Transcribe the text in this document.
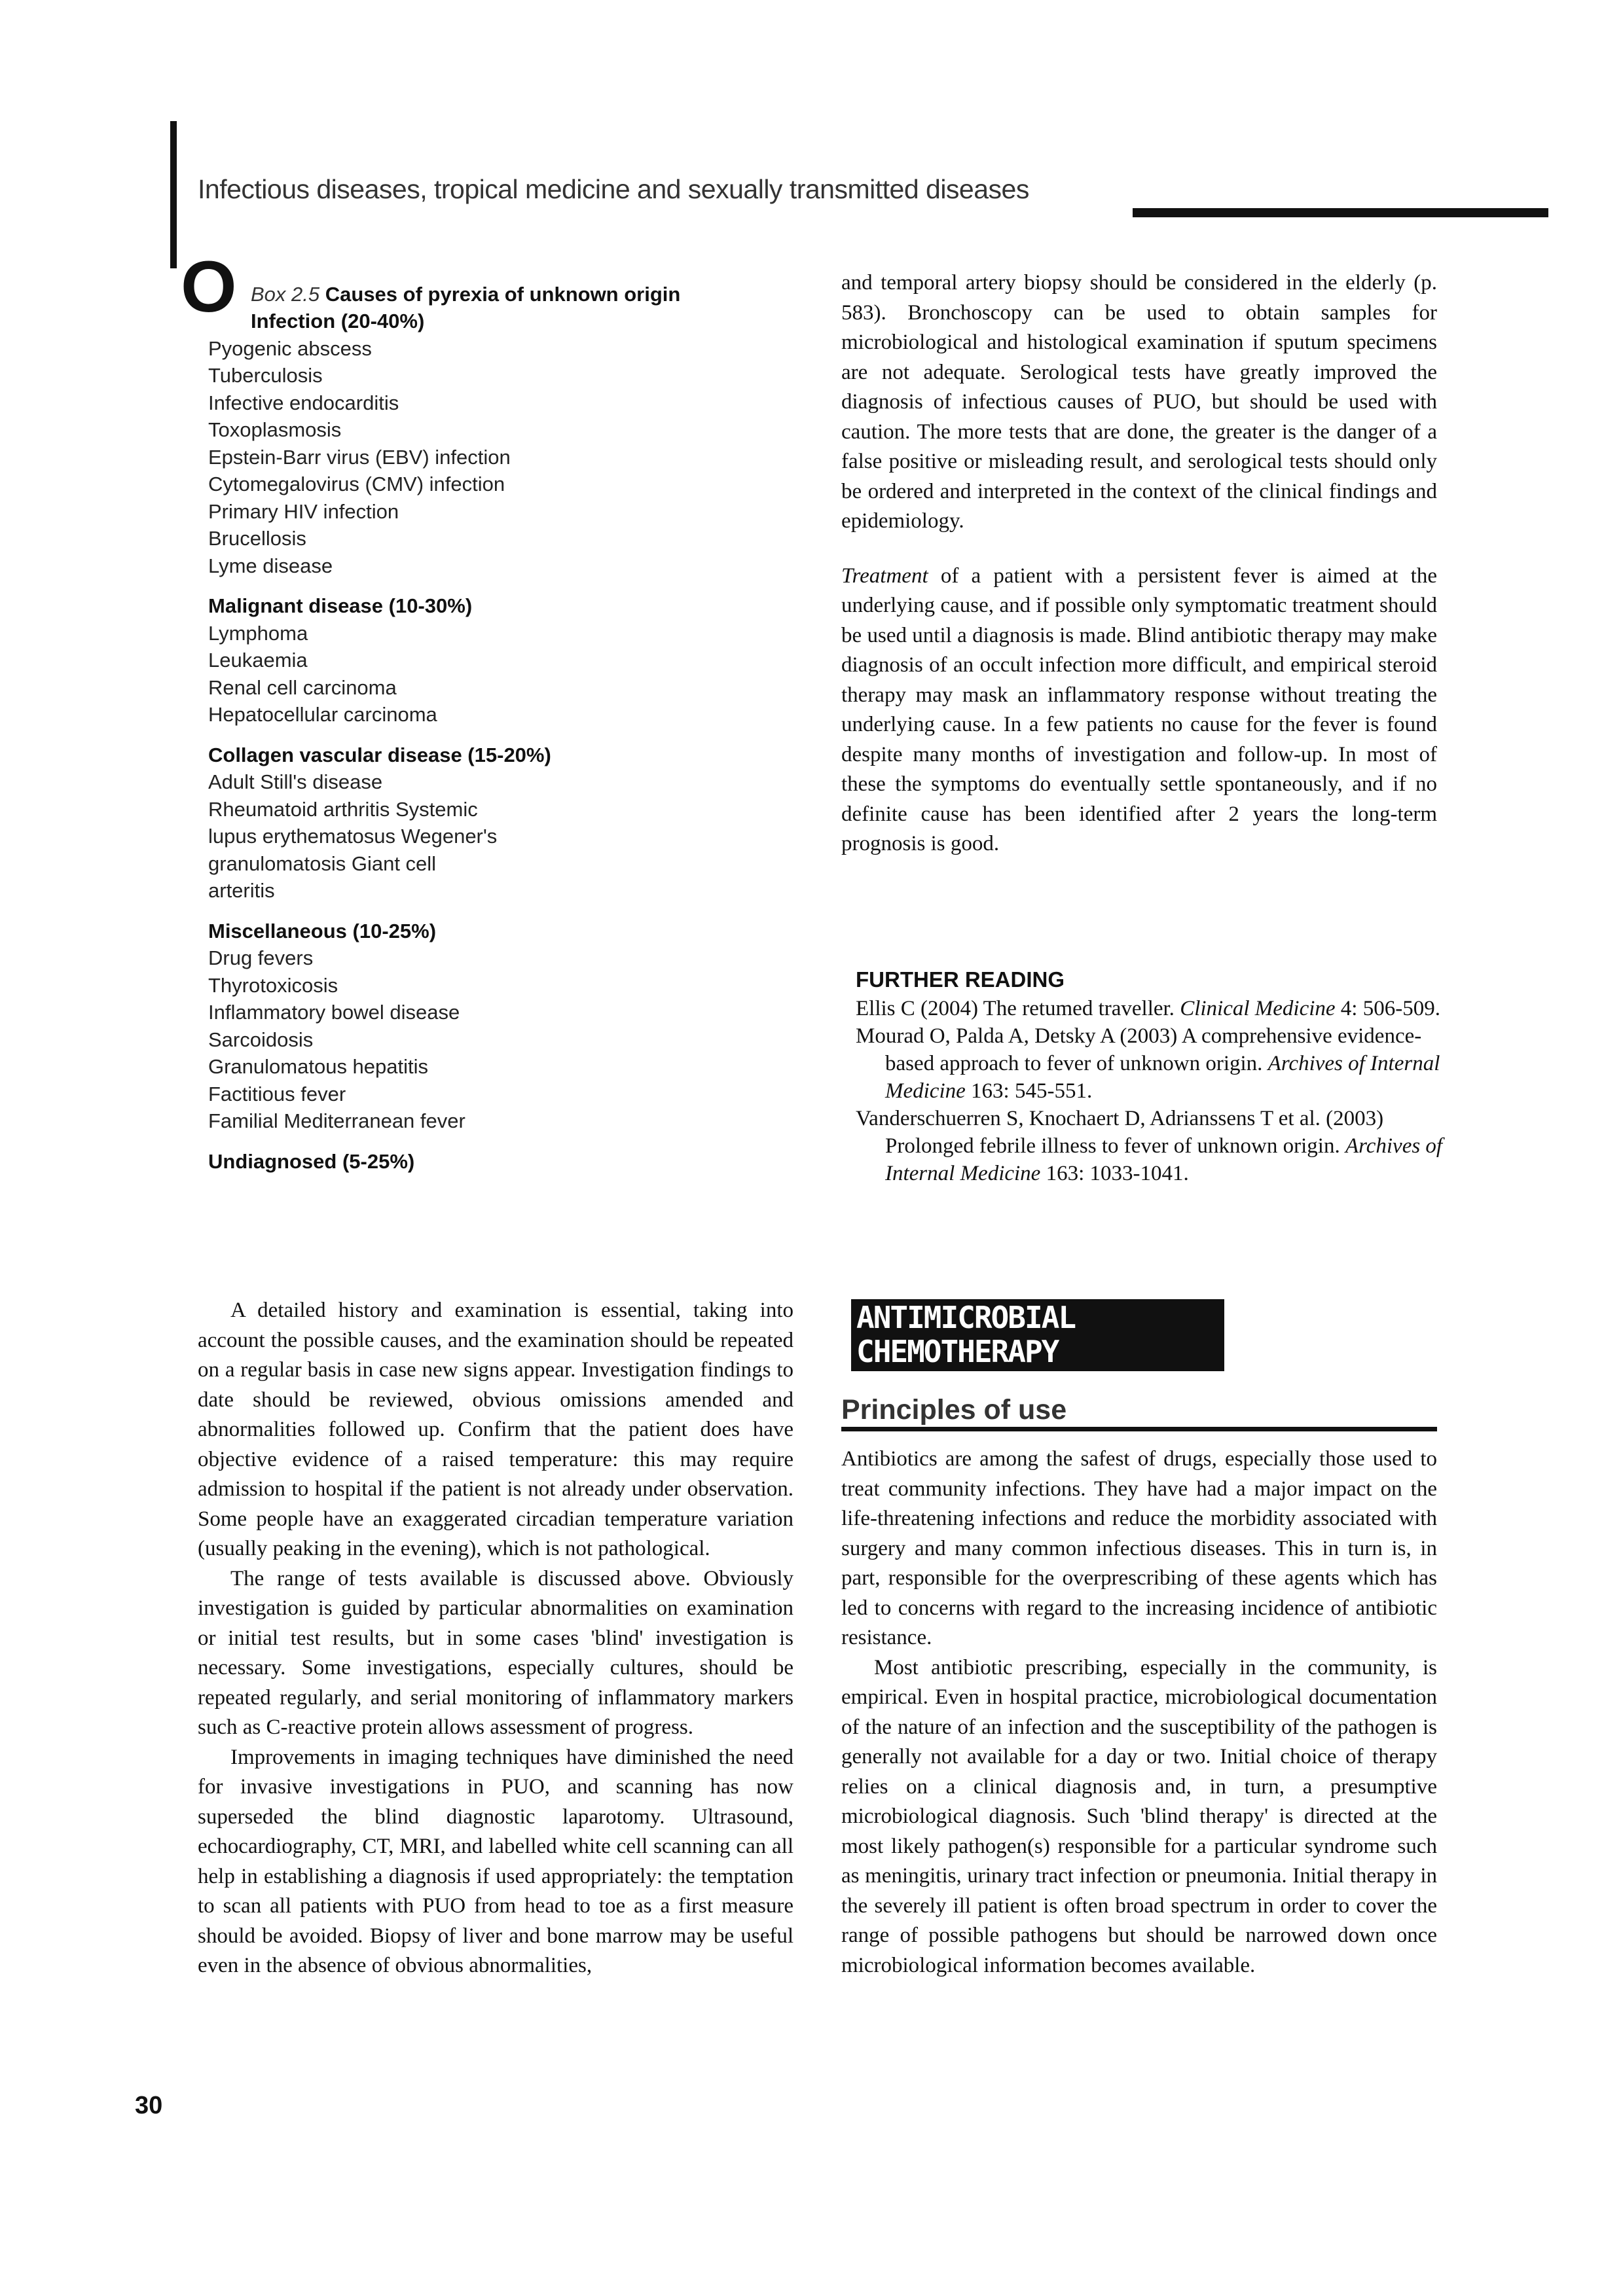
Infectious diseases, tropical medicine and sexually transmitted diseases
O Box 2.5 Causes of pyrexia of unknown origin
Infection (20-40%)
Pyogenic abscess
Tuberculosis
Infective endocarditis
Toxoplasmosis
Epstein-Barr virus (EBV) infection
Cytomegalovirus (CMV) infection
Primary HIV infection
Brucellosis
Lyme disease
Malignant disease (10-30%)
Lymphoma
Leukaemia
Renal cell carcinoma
Hepatocellular carcinoma
Collagen vascular disease (15-20%)
Adult Still's disease
Rheumatoid arthritis Systemic
lupus erythematosus Wegener's
granulomatosis Giant cell
arteritis
Miscellaneous (10-25%)
Drug fevers
Thyrotoxicosis
Inflammatory bowel disease
Sarcoidosis
Granulomatous hepatitis
Factitious fever
Familial Mediterranean fever
Undiagnosed (5-25%)

and temporal artery biopsy should be considered in the elderly (p. 583). Bronchoscopy can be used to obtain samples for microbiological and histological examination if sputum specimens are not adequate. Serological tests have greatly improved the diagnosis of infectious causes of PUO, but should be used with caution. The more tests that are done, the greater is the danger of a false positive or misleading result, and serological tests should only be ordered and interpreted in the context of the clinical findings and epidemiology.

Treatment of a patient with a persistent fever is aimed at the underlying cause, and if possible only symptomatic treatment should be used until a diagnosis is made. Blind antibiotic therapy may make diagnosis of an occult infection more difficult, and empirical steroid therapy may mask an inflammatory response without treating the underlying cause. In a few patients no cause for the fever is found despite many months of investigation and follow-up. In most of these the symptoms do eventually settle spontaneously, and if no definite cause has been identified after 2 years the long-term prognosis is good.

FURTHER READING
Ellis C (2004) The retumed traveller. Clinical Medicine 4: 506-509.
Mourad O, Palda A, Detsky A (2003) A comprehensive evidence-based approach to fever of unknown origin. Archives of Internal Medicine 163: 545-551.
Vanderschuerren S, Knochaert D, Adrianssens T et al. (2003) Prolonged febrile illness to fever of unknown origin. Archives of Internal Medicine 163: 1033-1041.

A detailed history and examination is essential, taking into account the possible causes, and the examination should be repeated on a regular basis in case new signs appear. Investigation findings to date should be reviewed, obvious omissions amended and abnormalities followed up. Confirm that the patient does have objective evidence of a raised temperature: this may require admission to hospital if the patient is not already under observation. Some people have an exaggerated circadian temperature variation (usually peaking in the evening), which is not pathological.

The range of tests available is discussed above. Obviously investigation is guided by particular abnormalities on examination or initial test results, but in some cases 'blind' investigation is necessary. Some investigations, especially cultures, should be repeated regularly, and serial monitoring of inflammatory markers such as C-reactive protein allows assessment of progress.

Improvements in imaging techniques have diminished the need for invasive investigations in PUO, and scanning has now superseded the blind diagnostic laparotomy. Ultrasound, echocardiography, CT, MRI, and labelled white cell scanning can all help in establishing a diagnosis if used appropriately: the temptation to scan all patients with PUO from head to toe as a first measure should be avoided. Biopsy of liver and bone marrow may be useful even in the absence of obvious abnormalities,

ANTIMICROBIAL
CHEMOTHERAPY
Principles of use

Antibiotics are among the safest of drugs, especially those used to treat community infections. They have had a major impact on the life-threatening infections and reduce the morbidity associated with surgery and many common infectious diseases. This in turn is, in part, responsible for the overprescribing of these agents which has led to concerns with regard to the increasing incidence of antibiotic resistance.

Most antibiotic prescribing, especially in the community, is empirical. Even in hospital practice, microbiological documentation of the nature of an infection and the susceptibility of the pathogen is generally not available for a day or two. Initial choice of therapy relies on a clinical diagnosis and, in turn, a presumptive microbiological diagnosis. Such 'blind therapy' is directed at the most likely pathogen(s) responsible for a particular syndrome such as meningitis, urinary tract infection or pneumonia. Initial therapy in the severely ill patient is often broad spectrum in order to cover the range of possible pathogens but should be narrowed down once microbiological information becomes available.

30
